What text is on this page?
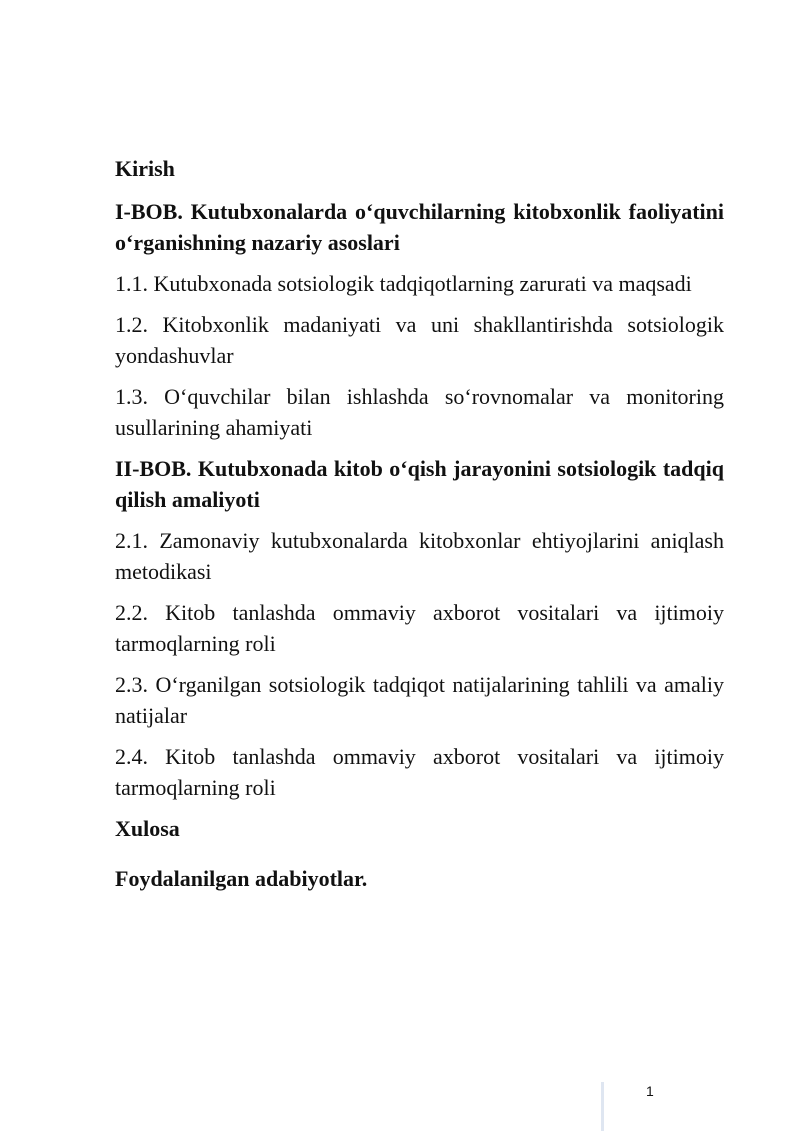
Kirish
I-BOB. Kutubxonalarda o‘quvchilarning kitobxonlik faoliyatini o‘rganishning nazariy asoslari
1.1. Kutubxonada sotsiologik tadqiqotlarning zarurati va maqsadi
1.2. Kitobxonlik madaniyati va uni shakllantirishda sotsiologik yondashuvlar
1.3. O‘quvchilar bilan ishlashda so‘rovnomalar va monitoring usullarining ahamiyati
II-BOB. Kutubxonada kitob o‘qish jarayonini sotsiologik tadqiq qilish amaliyoti
2.1. Zamonaviy kutubxonalarda kitobxonlar ehtiyojlarini aniqlash metodikasi
2.2. Kitob tanlashda ommaviy axborot vositalari va ijtimoiy tarmoqlarning roli
2.3. O‘rganilgan sotsiologik tadqiqot natijalarining tahlili va amaliy natijalar
2.4. Kitob tanlashda ommaviy axborot vositalari va ijtimoiy tarmoqlarning roli
Xulosa
Foydalanilgan adabiyotlar.
1
